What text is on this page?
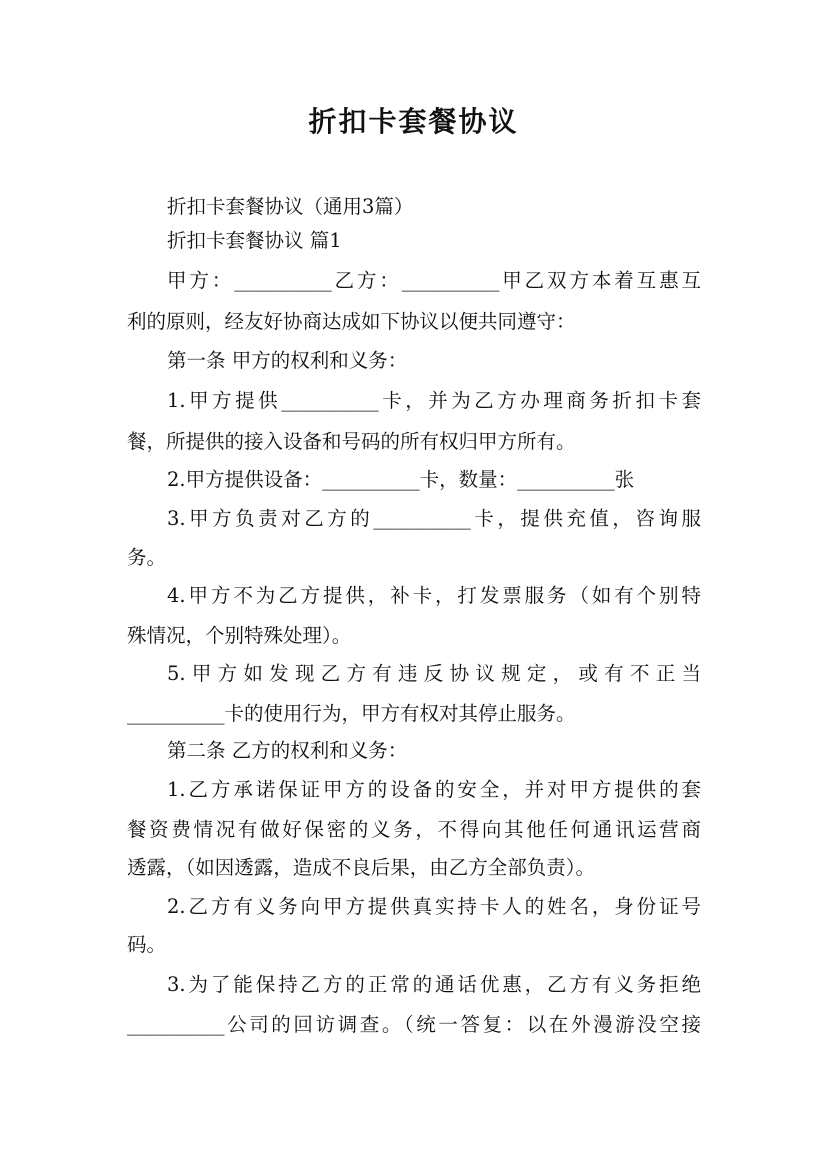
折扣卡套餐协议
折扣卡套餐协议（通用3篇）
折扣卡套餐协议 篇1
甲方：__________乙方：__________甲乙双方本着互惠互
利的原则，经友好协商达成如下协议以便共同遵守：
第一条 甲方的权利和义务：
1.甲方提供__________卡，并为乙方办理商务折扣卡套
餐，所提供的接入设备和号码的所有权归甲方所有。
2.甲方提供设备：__________卡，数量：__________张
3.甲方负责对乙方的__________卡，提供充值，咨询服
务。
4.甲方不为乙方提供，补卡，打发票服务（如有个别特
殊情况，个别特殊处理）。
5.甲方如发现乙方有违反协议规定，或有不正当
__________卡的使用行为，甲方有权对其停止服务。
第二条 乙方的权利和义务：
1.乙方承诺保证甲方的设备的安全，并对甲方提供的套
餐资费情况有做好保密的义务，不得向其他任何通讯运营商
透露，（如因透露，造成不良后果，由乙方全部负责）。
2.乙方有义务向甲方提供真实持卡人的姓名，身份证号
码。
3.为了能保持乙方的正常的通话优惠，乙方有义务拒绝
__________公司的回访调查。（统一答复：以在外漫游没空接
